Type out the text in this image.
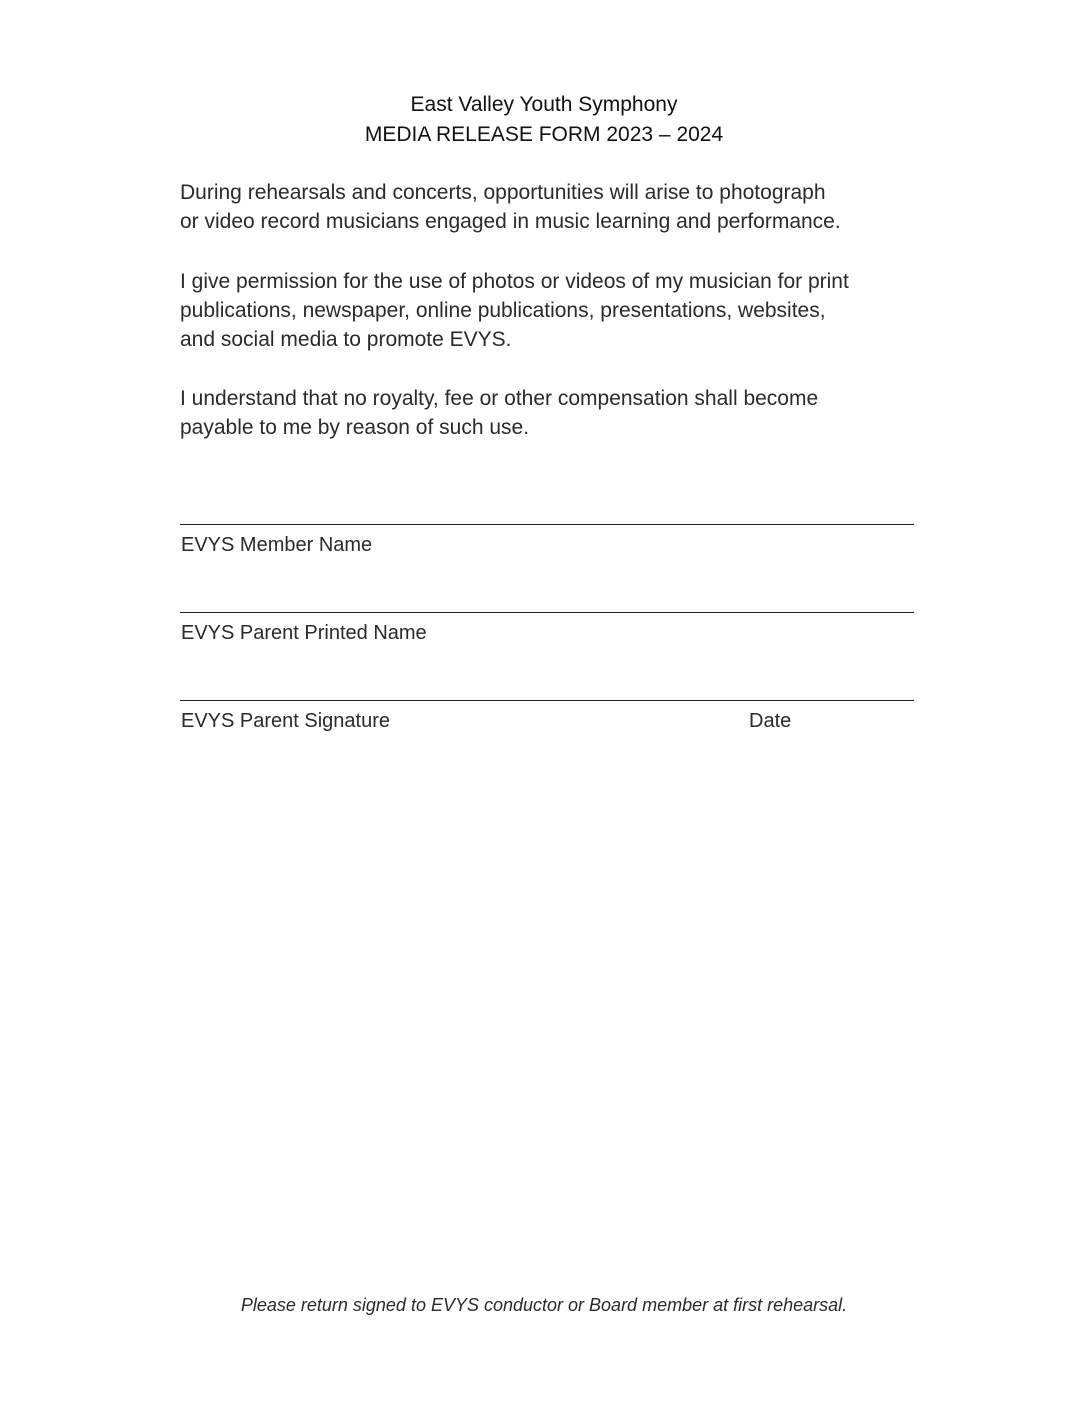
East Valley Youth Symphony
MEDIA RELEASE FORM 2023 – 2024
During rehearsals and concerts, opportunities will arise to photograph
or video record musicians engaged in music learning and performance.
I give permission for the use of photos or videos of my musician for print
publications, newspaper, online publications, presentations, websites,
and social media to promote EVYS.
I understand that no royalty, fee or other compensation shall become
payable to me by reason of such use.
EVYS Member Name
EVYS Parent Printed Name
EVYS Parent Signature	Date
Please return signed to EVYS conductor or Board member at first rehearsal.
